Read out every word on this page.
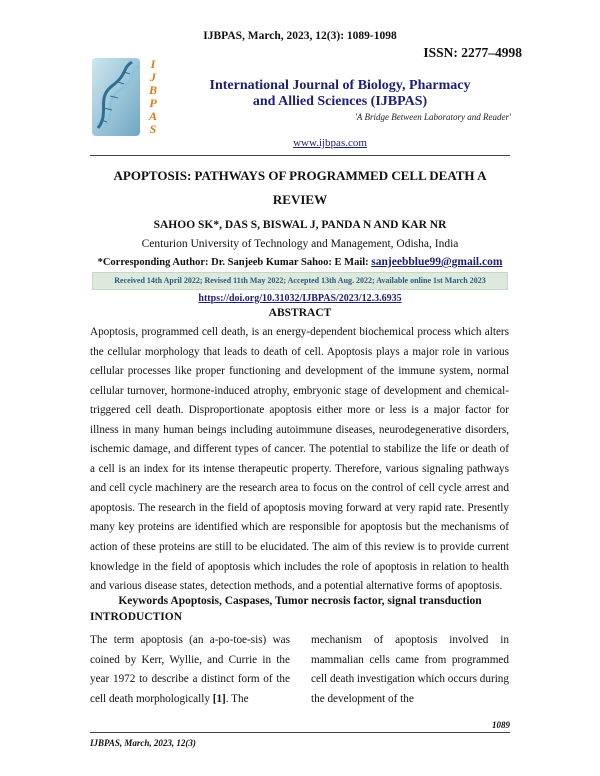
IJBPAS, March, 2023, 12(3): 1089-1098
ISSN: 2277–4998
I
J
B
P
A
S
International Journal of Biology, Pharmacy
and Allied Sciences (IJBPAS)
'A Bridge Between Laboratory and Reader'
www.ijbpas.com
APOPTOSIS: PATHWAYS OF PROGRAMMED CELL DEATH A
REVIEW
SAHOO SK*, DAS S, BISWAL J, PANDA N AND KAR NR
Centurion University of Technology and Management, Odisha, India
*Corresponding Author: Dr. Sanjeeb Kumar Sahoo: E Mail: sanjeebblue99@gmail.com
Received 14th April 2022; Revised 11th May 2022; Accepted 13th Aug. 2022; Available online 1st March 2023
https://doi.org/10.31032/IJBPAS/2023/12.3.6935
ABSTRACT
Apoptosis, programmed cell death, is an energy-dependent biochemical process which alters the cellular morphology that leads to death of cell. Apoptosis plays a major role in various cellular processes like proper functioning and development of the immune system, normal cellular turnover, hormone-induced atrophy, embryonic stage of development and chemical-triggered cell death. Disproportionate apoptosis either more or less is a major factor for illness in many human beings including autoimmune diseases, neurodegenerative disorders, ischemic damage, and different types of cancer. The potential to stabilize the life or death of a cell is an index for its intense therapeutic property. Therefore, various signaling pathways and cell cycle machinery are the research area to focus on the control of cell cycle arrest and apoptosis. The research in the field of apoptosis moving forward at very rapid rate. Presently many key proteins are identified which are responsible for apoptosis but the mechanisms of action of these proteins are still to be elucidated. The aim of this review is to provide current knowledge in the field of apoptosis which includes the role of apoptosis in relation to health and various disease states, detection methods, and a potential alternative forms of apoptosis.
Keywords Apoptosis, Caspases, Tumor necrosis factor, signal transduction
INTRODUCTION
The term apoptosis (an a-po-toe-sis) was coined by Kerr, Wyllie, and Currie in the year 1972 to describe a distinct form of the cell death morphologically [1]. The
mechanism of apoptosis involved in mammalian cells came from programmed cell death investigation which occurs during the development of the
1089
IJBPAS, March, 2023, 12(3)
